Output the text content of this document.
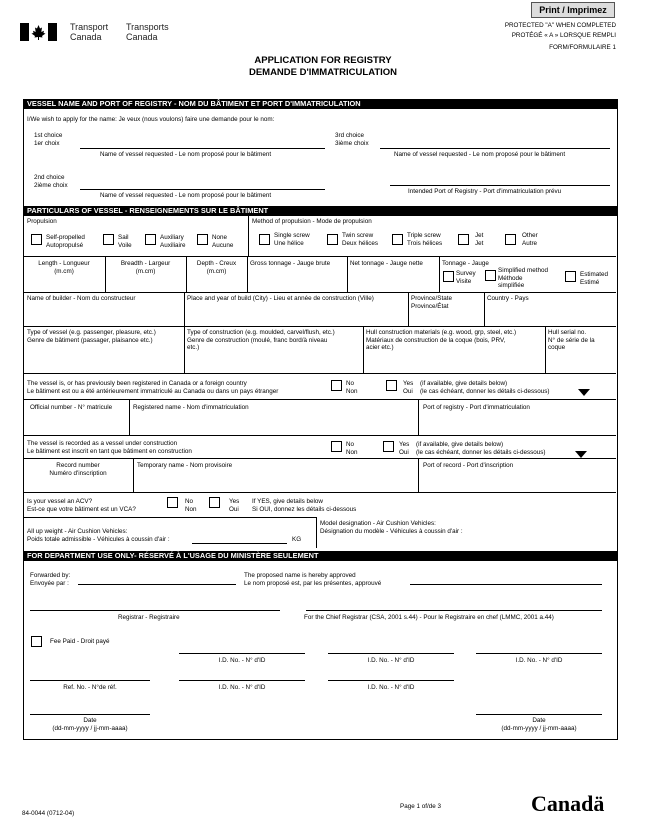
Transport
Canada
Transports
Canada
Print / Imprimez
PROTECTED "A" WHEN COMPLETED
PROTÉGÉ « A » LORSQUE REMPLI
FORM/FORMULAIRE 1
APPLICATION FOR REGISTRY
DEMANDE D'IMMATRICULATION
VESSEL NAME AND PORT OF REGISTRY - NOM DU BÂTIMENT ET PORT D'IMMATRICULATION
I/We wish to apply for the name: Je veux (nous voulons) faire une demande pour le nom:
1st choice
1er choix
Name of vessel requested - Le nom proposé pour le bâtiment
3rd choice
3ième choix
Name of vessel requested - Le nom proposé pour le bâtiment
2nd choice
2ième choix
Name of vessel requested - Le nom proposé pour le bâtiment
Intended Port of Registry - Port d'immatriculation prévu
PARTICULARS OF VESSEL - RENSEIGNEMENTS SUR LE BÂTIMENT
Propulsion	Method of propulsion - Mode de propulsion
Self-propelled
Autopropulsé
Sail
Voile
Auxiliary
Auxiliaire
None
Aucune
Single screw
Une hélice
Twin screw
Deux hélices
Triple screw
Trois hélices
Jet
Jet
Other
Autre
Length - Longueur
(m.cm)
Breadth - Largeur
(m.cm)
Depth - Creux
(m.cm)
Gross tonnage - Jauge brute	Net tonnage - Jauge nette	Tonnage - Jauge
Survey
Visite
Simplified method
Méthode
simplifiée
Estimated
Estimé
Name of builder - Nom du constructeur	Place and year of build (City) - Lieu et année de construction (Ville)	Province/State
Province/État
Country - Pays
Type of vessel (e.g. passenger, pleasure, etc.)
Genre de bâtiment (passager, plaisance etc.)
Type of construction (e.g. moulded, carvel/flush, etc.)
Genre de construction (moulé, franc bord/à niveau
etc.)
Hull construction materials (e.g. wood, grp, steel, etc.)
Matériaux de construction de la coque (bois, PRV,
acier etc.)
Hull serial no.
N° de série de la
coque
The vessel is, or has previously been registered in Canada or a foreign country
Le bâtiment est ou a été antérieurement immatriculé au Canada ou dans un pays étranger
No
Non
Yes
Oui
(if available, give details below)
(le cas échéant, donner les détails ci-dessous)
Official number - N° matricule	Registered name - Nom d'immatriculation	Port of registry - Port d'immatriculation
The vessel is recorded as a vessel under construction
Le bâtiment est inscrit en tant que bâtiment en construction
No
Non
Yes
Oui
(if available, give details below)
(le cas échéant, donner les détails ci-dessous)
Record number
Numéro d'inscription
Temporary name - Nom provisoire	Port of record - Port d'inscription
Is your vessel an ACV?
Est-ce que votre bâtiment est un VCA?
No
Non
Yes
Oui
If YES, give details below
Si OUI, donnez les détails ci-dessous
All up weight - Air Cushion Vehicles:
Poids totale admissible - Véhicules à coussin d'air :	KG
Model designation - Air Cushion Vehicles:
Désignation du modèle - Véhicules à coussin d'air :
FOR DEPARTMENT USE ONLY- RÉSERVÉ À L'USAGE DU MINISTÈRE SEULEMENT
Forwarded by:
Envoyée par :
The proposed name is hereby approved
Le nom proposé est, par les présentes, approuvé
Registrar - Registraire	For the Chief Registrar (CSA, 2001 s.44) - Pour le Registraire en chef (LMMC, 2001 a.44)
Fee Paid - Droit payé
I.D. No. - N° d'ID	I.D. No. - N° d'ID	I.D. No. - N° d'ID
Ref. No. - N°de réf.	I.D. No. - N° d'ID	I.D. No. - N° d'ID
Date
(dd-mm-yyyy / jj-mm-aaaa)
Date
(dd-mm-yyyy / jj-mm-aaaa)
84-0044 (0712-04)
Page 1 of/de 3	Canadä
